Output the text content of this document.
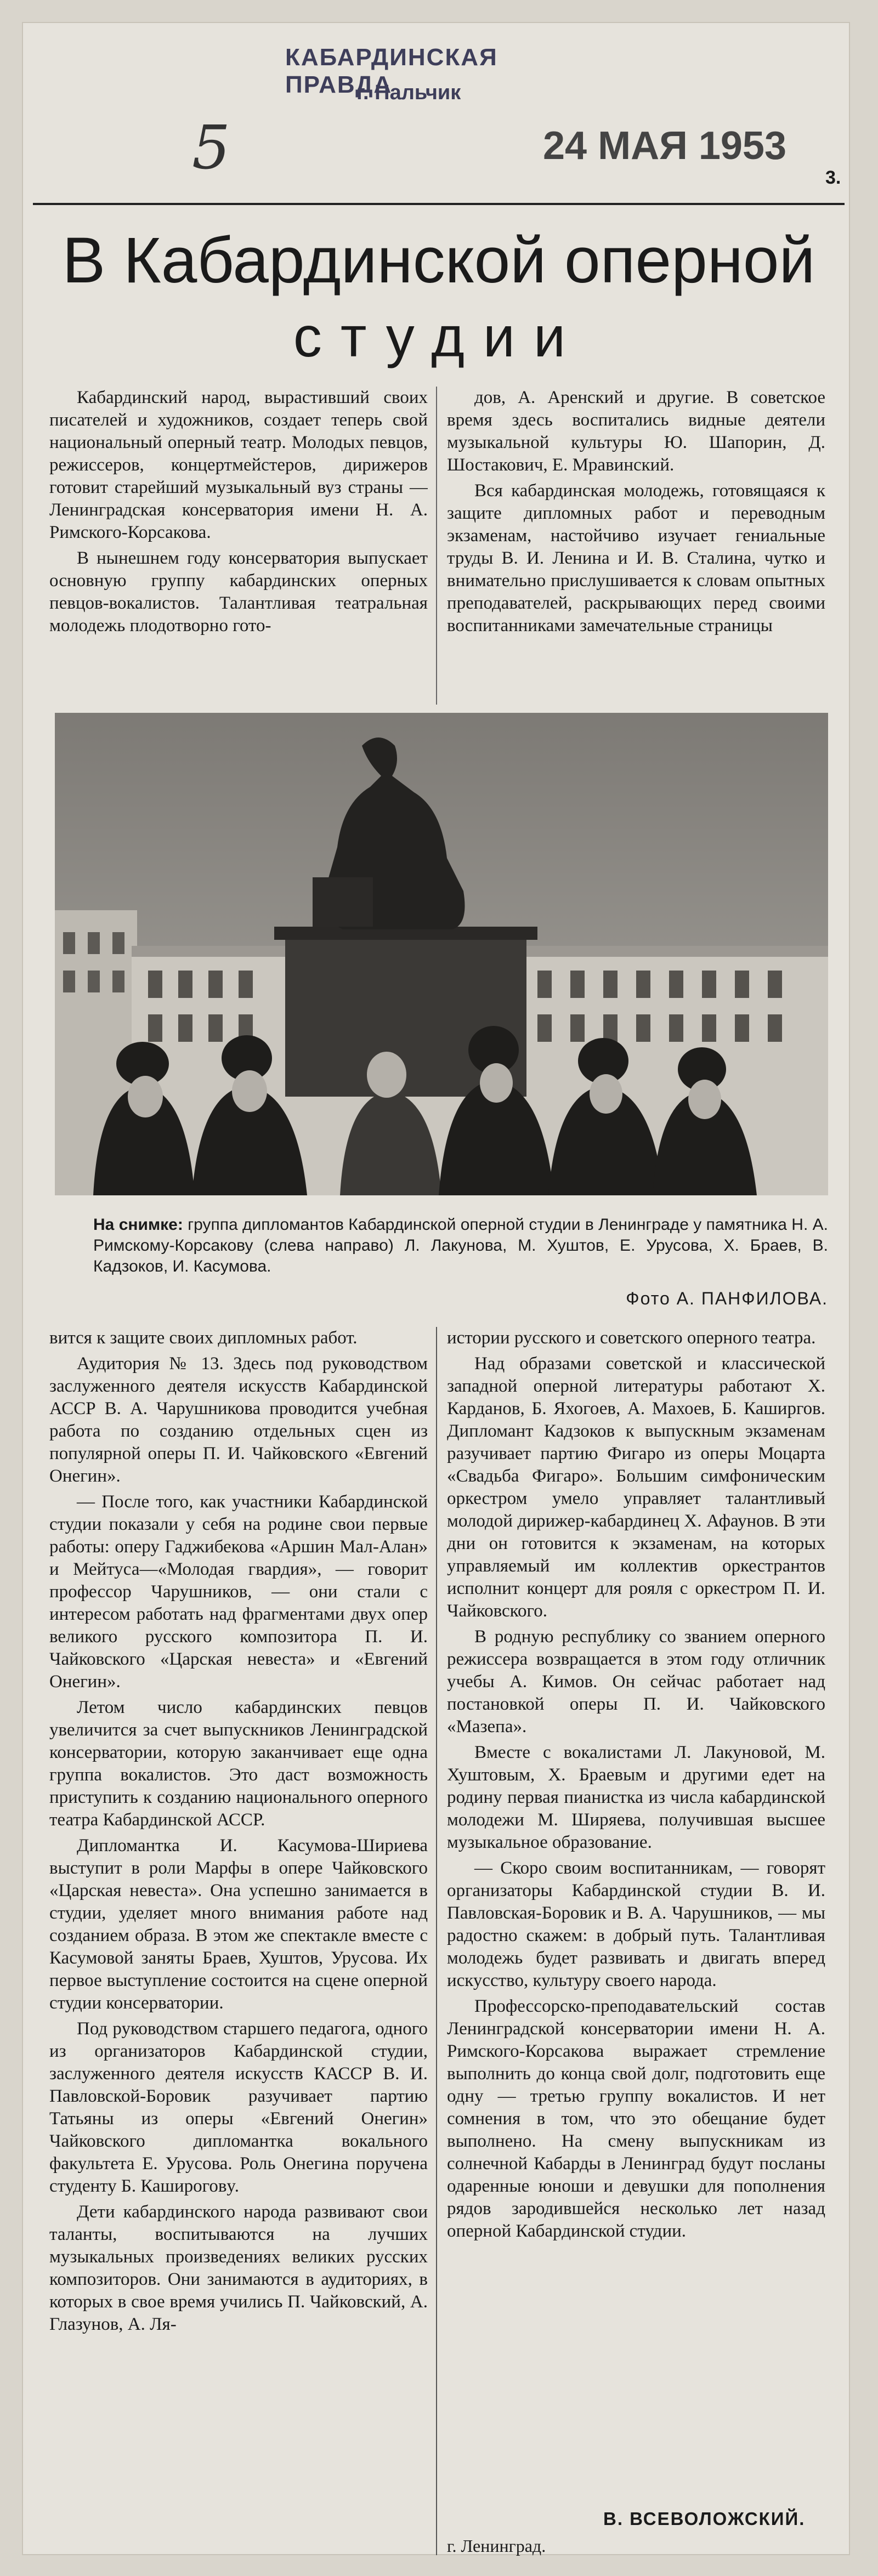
КАБАРДИНСКАЯ ПРАВДА
г. Нальчик
5	24 МАЯ 1953
3.
В Кабардинской оперной
студии

Кабардинский народ, вырастивший своих писателей и художников, создает теперь свой национальный оперный театр. Молодых певцов, режиссеров, концертмейстеров, дирижеров готовит старейший музыкальный вуз страны — Ленинградская консерватория имени Н. А. Римского-Корсакова.

В нынешнем году консерватория выпускает основную группу кабардинских оперных певцов-вокалистов. Талантливая театральная молодежь плодотворно гото-

дов, А. Аренский и другие. В советское время здесь воспитались видные деятели музыкальной культуры Ю. Шапорин, Д. Шостакович, Е. Мравинский.

Вся кабардинская молодежь, готовящаяся к защите дипломных работ и переводным экзаменам, настойчиво изучает гениальные труды В. И. Ленина и И. В. Сталина, чутко и внимательно прислушивается к словам опытных преподавателей, раскрывающих перед своими воспитанниками замечательные страницы

На снимке: группа дипломантов Кабардинской оперной студии в Ленинграде у памятника Н. А. Римскому-Корсакову (слева направо) Л. Лакунова, М. Хуштов, Е. Урусова, Х. Браев, В. Кадзоков, И. Касумова.
Фото А. ПАНФИЛОВА.

вится к защите своих дипломных работ.

Аудитория № 13. Здесь под руководством заслуженного деятеля искусств Кабардинской АССР В. А. Чарушникова проводится учебная работа по созданию отдельных сцен из популярной оперы П. И. Чайковского «Евгений Онегин».

— После того, как участники Кабардинской студии показали у себя на родине свои первые работы: оперу Гаджибекова «Аршин Мал-Алан» и Мейтуса—«Молодая гвардия», — говорит профессор Чарушников, — они стали с интересом работать над фрагментами двух опер великого русского композитора П. И. Чайковского «Царская невеста» и «Евгений Онегин».

Летом число кабардинских певцов увеличится за счет выпускников Ленинградской консерватории, которую заканчивает еще одна группа вокалистов. Это даст возможность приступить к созданию национального оперного театра Кабардинской АССР.

Дипломантка И. Касумова-Шириева выступит в роли Марфы в опере Чайковского «Царская невеста». Она успешно занимается в студии, уделяет много внимания работе над созданием образа. В этом же спектакле вместе с Касумовой заняты Браев, Хуштов, Урусова. Их первое выступление состоится на сцене оперной студии консерватории.

Под руководством старшего педагога, одного из организаторов Кабардинской студии, заслуженного деятеля искусств КАССР В. И. Павловской-Боровик разучивает партию Татьяны из оперы «Евгений Онегин» Чайковского дипломантка вокального факультета Е. Урусова. Роль Онегина поручена студенту Б. Кашироговy.

Дети кабардинского народа развивают свои таланты, воспитываются на лучших музыкальных произведениях великих русских композиторов. Они занимаются в аудиториях, в которых в свое время учились П. Чайковский, А. Глазунов, А. Ля-

истории русского и советского оперного театра.

Над образами советской и классической западной оперной литературы работают Х. Карданов, Б. Яхогоев, А. Махоев, Б. Каширгов. Дипломант Кадзоков к выпускным экзаменам разучивает партию Фигаро из оперы Моцарта «Свадьба Фигаро». Большим симфоническим оркестром умело управляет талантливый молодой дирижер-кабардинец Х. Афаунов. В эти дни он готовится к экзаменам, на которых управляемый им коллектив оркестрантов исполнит концерт для рояля с оркестром П. И. Чайковского.

В родную республику со званием оперного режиссера возвращается в этом году отличник учебы А. Кимов. Он сейчас работает над постановкой оперы П. И. Чайковского «Мазепа».

Вместе с вокалистами Л. Лакуновой, М. Хуштовым, Х. Браевым и другими едет на родину первая пианистка из числа кабардинской молодежи М. Ширяева, получившая высшее музыкальное образование.

— Скоро своим воспитанникам, — говорят организаторы Кабардинской студии В. И. Павловская-Боровик и В. А. Чарушников, — мы радостно скажем: в добрый путь. Талантливая молодежь будет развивать и двигать вперед искусство, культуру своего народа.

Профессорско-преподавательский состав Ленинградской консерватории имени Н. А. Римского-Корсакова выражает стремление выполнить до конца свой долг, подготовить еще одну — третью группу вокалистов. И нет сомнения в том, что это обещание будет выполнено. На смену выпускникам из солнечной Кабарды в Ленинград будут посланы одаренные юноши и девушки для пополнения рядов зародившейся несколько лет назад оперной Кабардинской студии.

В. ВСЕВОЛОЖСКИЙ.
г. Ленинград.
